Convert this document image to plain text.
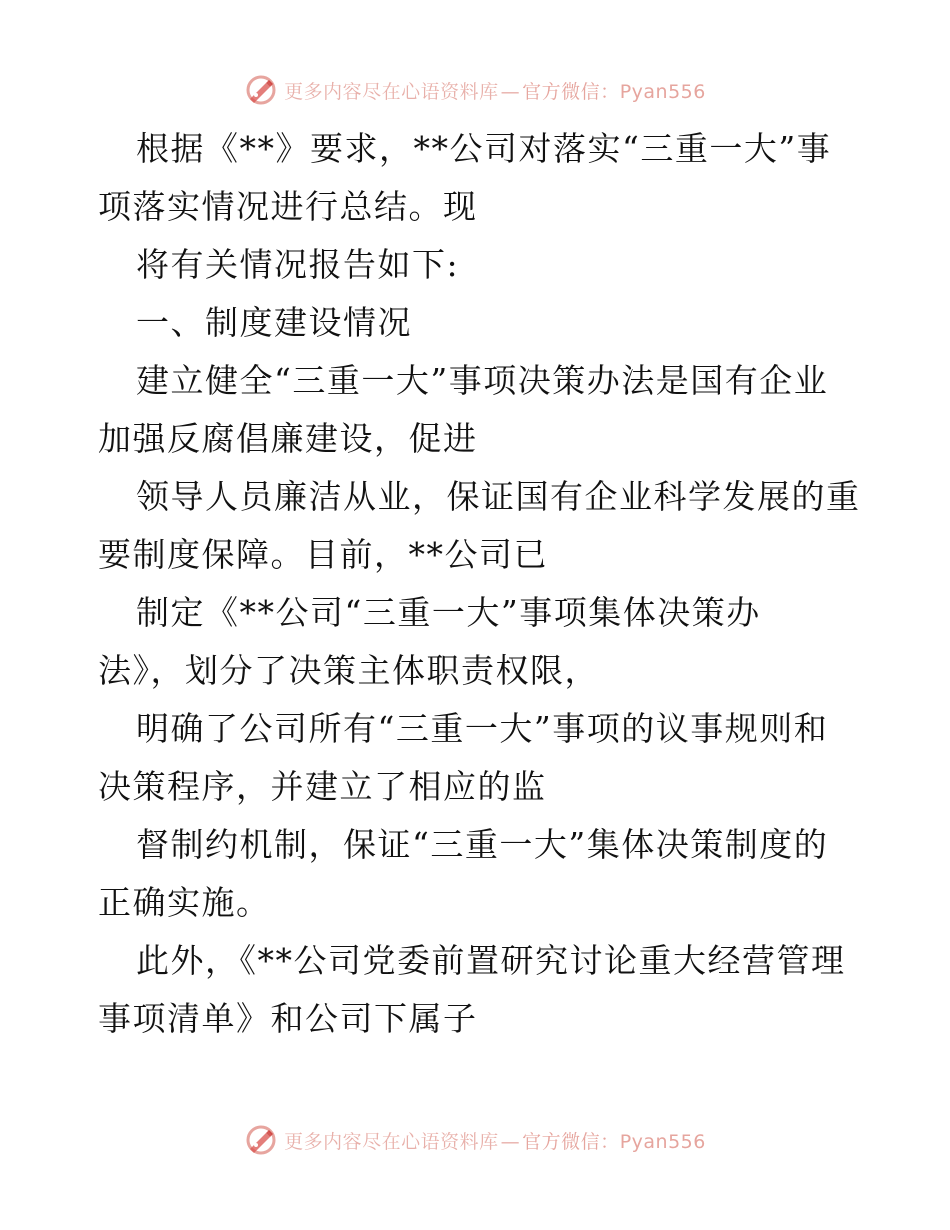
更多内容尽在心语资料库 — 官方微信：Pyan556
根据《**》要求，**公司对落实“三重一大”事
项落实情况进行总结。现
将有关情况报告如下:
一、制度建设情况
建立健全“三重一大”事项决策办法是国有企业
加强反腐倡廉建设，促进
领导人员廉洁从业，保证国有企业科学发展的重
要制度保障。目前，**公司已
制定《**公司“三重一大”事项集体决策办
法》，划分了决策主体职责权限，
明确了公司所有“三重一大”事项的议事规则和
决策程序，并建立了相应的监
督制约机制，保证“三重一大”集体决策制度的
正确实施。
此外，《**公司党委前置研究讨论重大经营管理
事项清单》和公司下属子
更多内容尽在心语资料库 — 官方微信：Pyan556
